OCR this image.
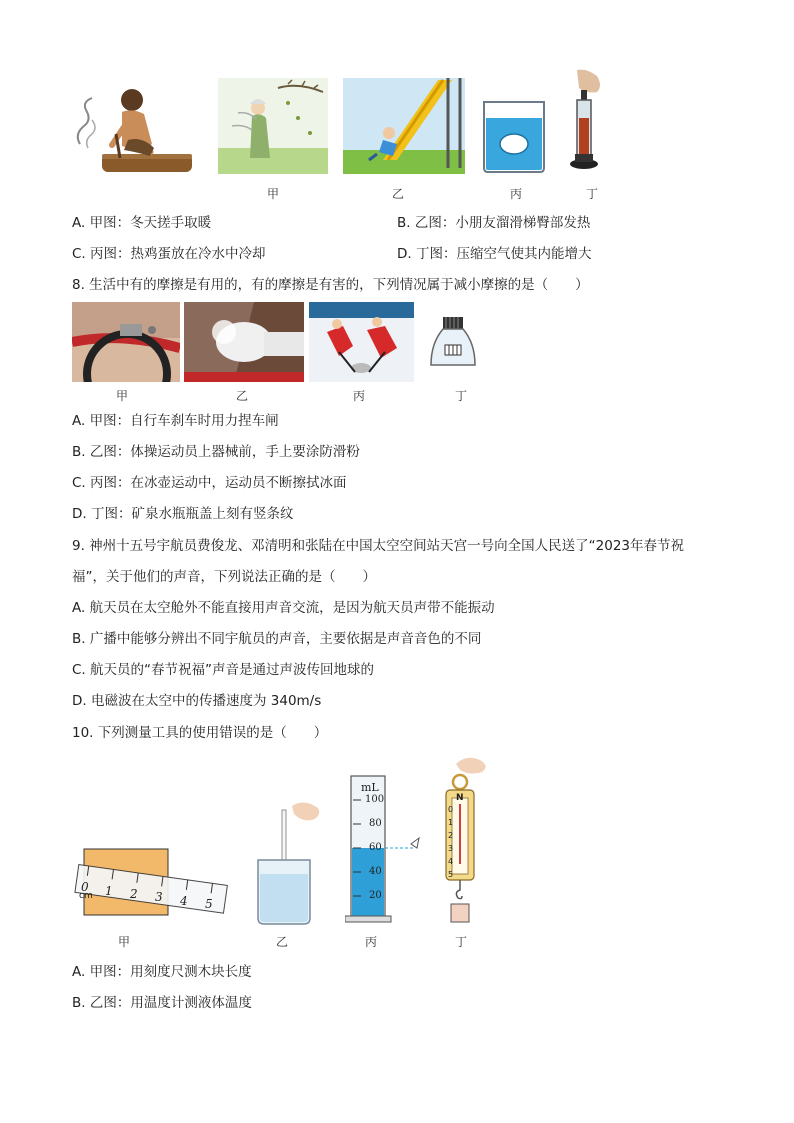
甲	乙	丙	丁
A. 甲图：冬天搓手取暖	B. 乙图：小朋友溜滑梯臀部发热
C. 丙图：热鸡蛋放在冷水中冷却	D. 丁图：压缩空气使其内能增大
8. 生活中有的摩擦是有用的，有的摩擦是有害的，下列情况属于减小摩擦的是（　　）
甲	乙	丙	丁
A. 甲图：自行车刹车时用力捏车闸
B. 乙图：体操运动员上器械前，手上要涂防滑粉
C. 丙图：在冰壶运动中，运动员不断擦拭冰面
D. 丁图：矿泉水瓶瓶盖上刻有竖条纹
9. 神州十五号宇航员费俊龙、邓清明和张陆在中国太空空间站天宫一号向全国人民送了“2023年春节祝
福”，关于他们的声音，下列说法正确的是（　　）
A. 航天员在太空舱外不能直接用声音交流，是因为航天员声带不能振动
B. 广播中能够分辨出不同宇航员的声音，主要依据是声音音色的不同
C. 航天员的“春节祝福”声音是通过声波传回地球的
D. 电磁波在太空中的传播速度为 340m/s
10. 下列测量工具的使用错误的是（　　）
0
cm 1 2 3 4 5
mL
100
80
60
40
20
N
0
1
2
3
4
5
甲	乙	丙	丁
A. 甲图：用刻度尺测木块长度
B. 乙图：用温度计测液体温度
